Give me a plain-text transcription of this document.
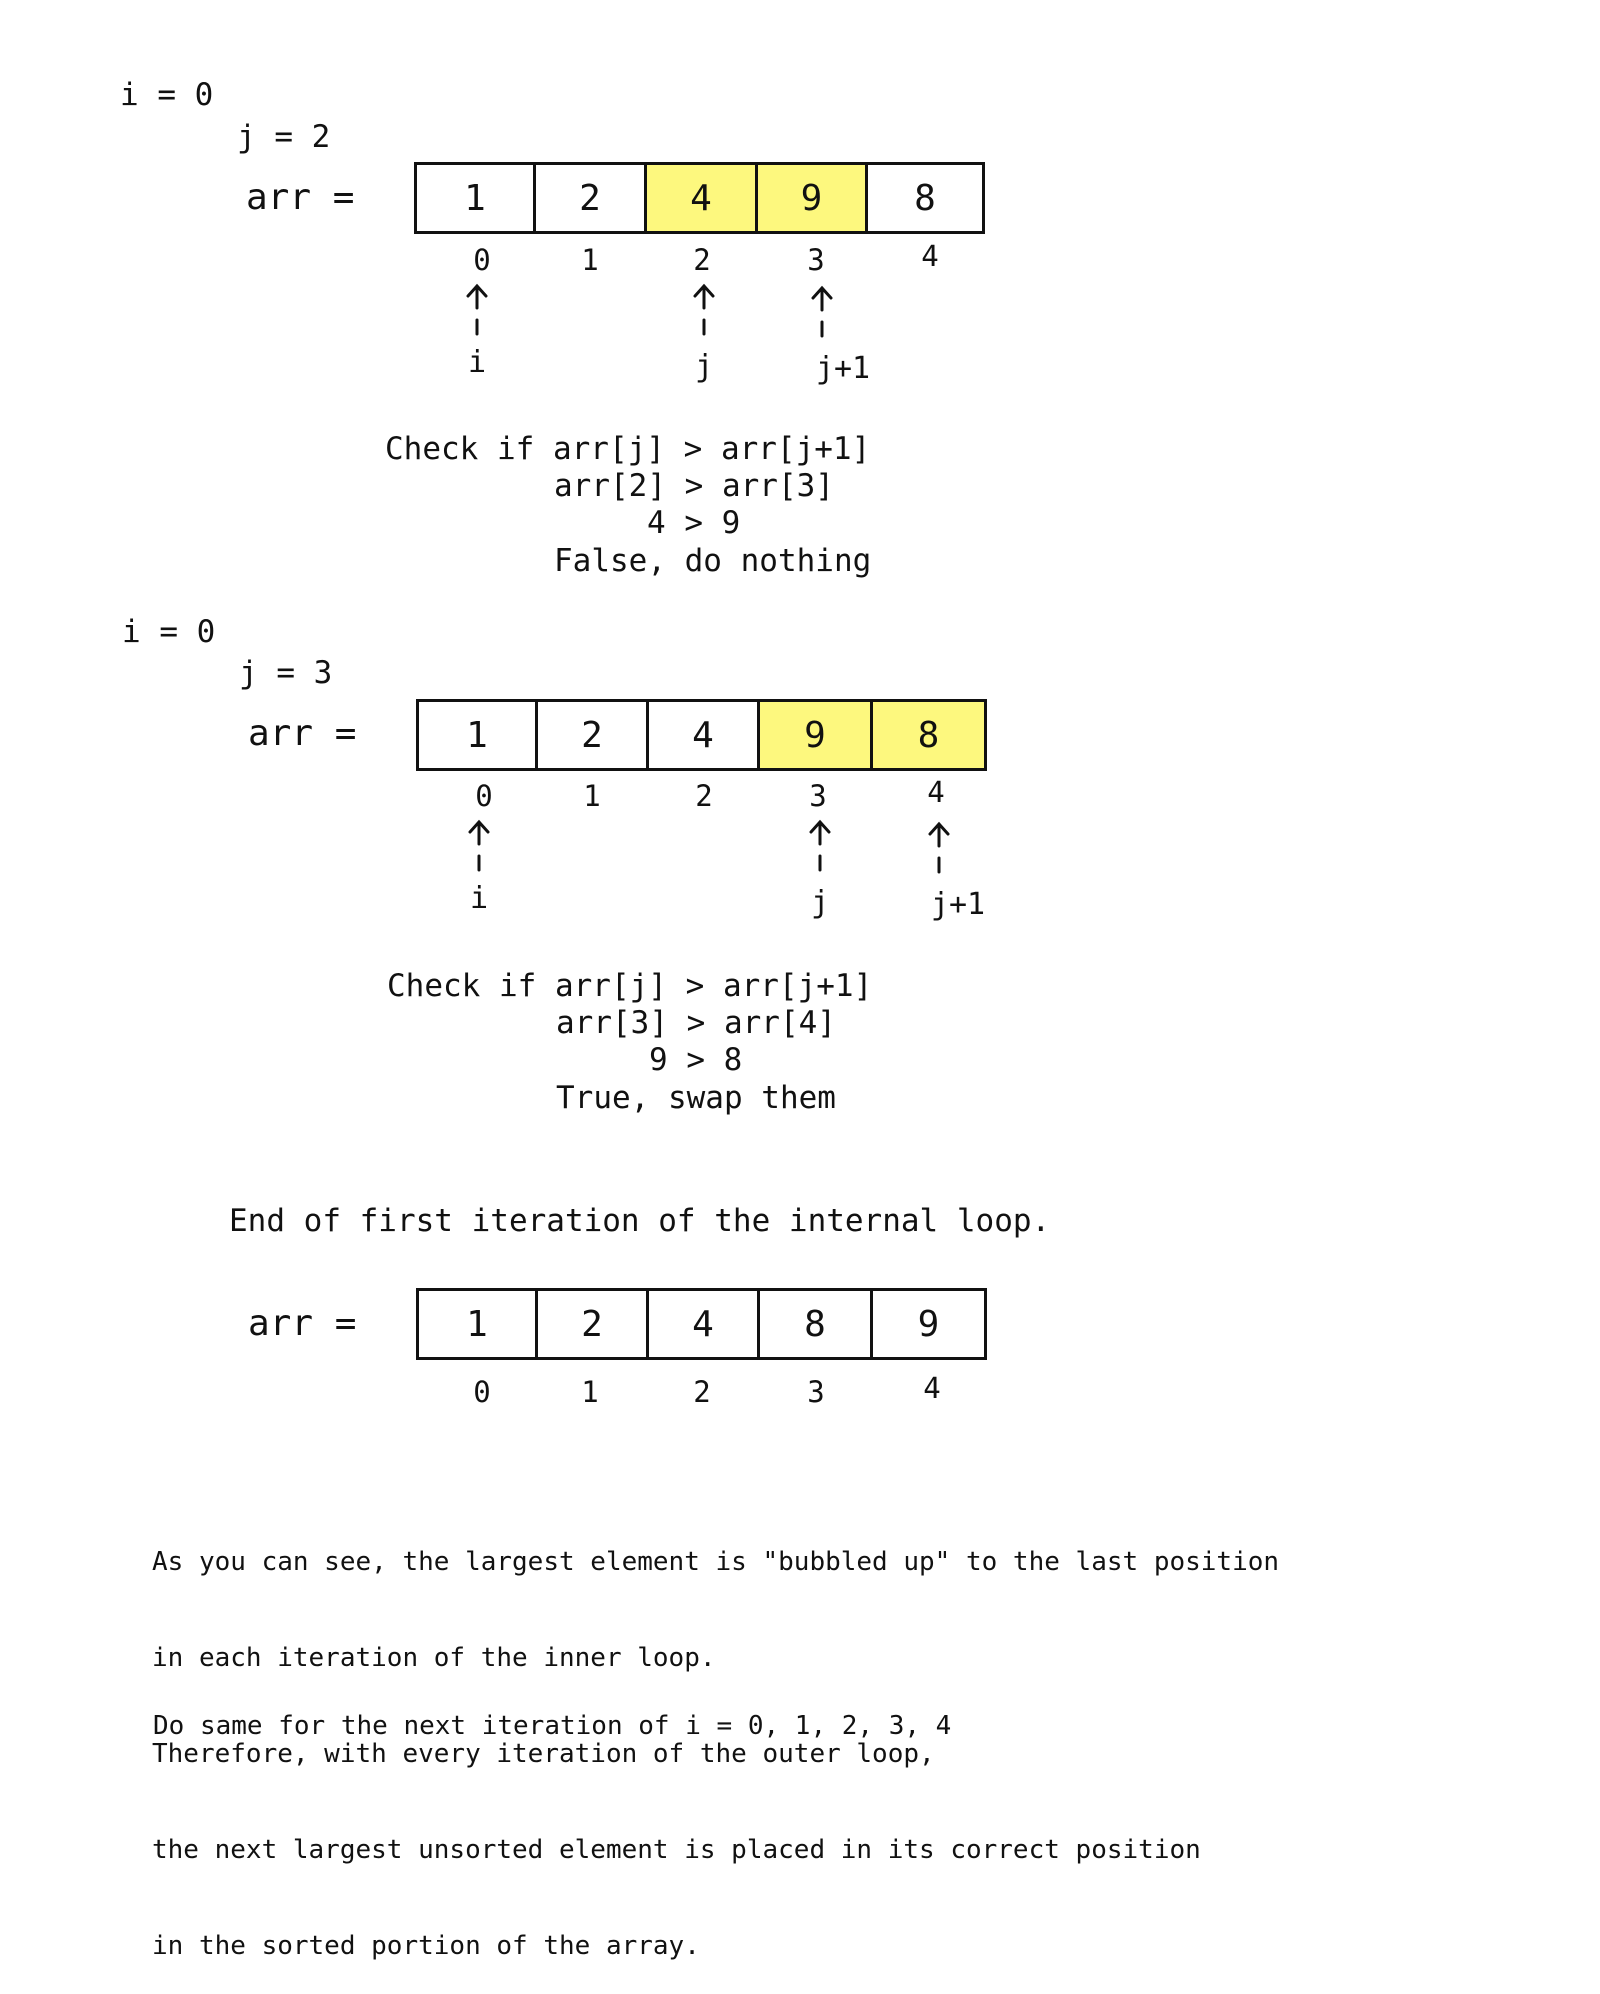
i = 0
j = 2
arr =	1	2	4	9	8
0	1	2	3	4
i	j	j+1
Check if arr[j] > arr[j+1]
arr[2] > arr[3]
4 > 9
False, do nothing
i = 0
j = 3
arr =	1	2	4	9	8
0	1	2	3	4
i	j	j+1
Check if arr[j] > arr[j+1]
arr[3] > arr[4]
9 > 8
True, swap them
End of first iteration of the internal loop.
arr =	1	2	4	8	9
0	1	2	3	4

As you can see, the largest element is "bubbled up" to the last position

in each iteration of the inner loop.

Therefore, with every iteration of the outer loop,

the next largest unsorted element is placed in its correct position

in the sorted portion of the array.

Do same for the next iteration of i = 0, 1, 2, 3, 4
